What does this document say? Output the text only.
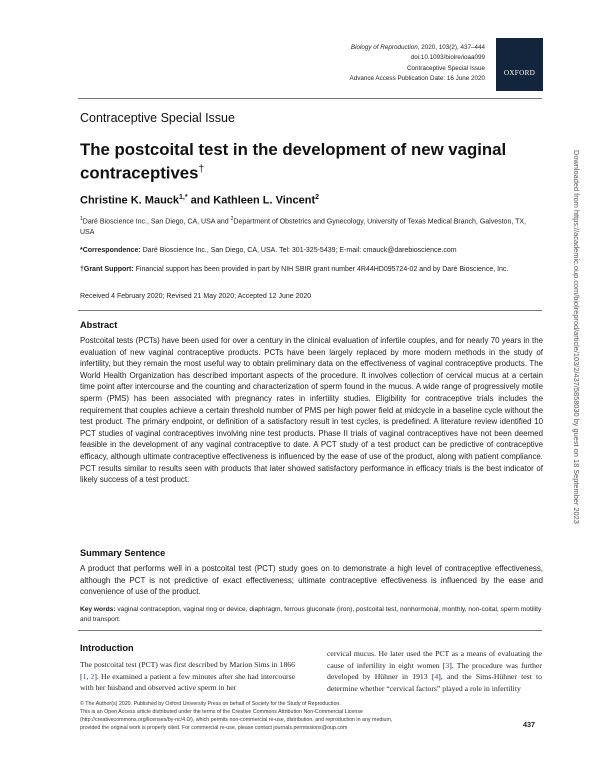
Biology of Reproduction, 2020, 103(2), 437–444
doi:10.1093/biolre/ioaa099
Contraceptive Special Issue
Advance Access Publication Date: 16 June 2020
OXFORD
Contraceptive Special Issue
The postcoital test in the development of new vaginal contraceptives†
Christine K. Mauck$^{1,*}$ and Kathleen L. Vincent$^2$
$^1$Daré Bioscience Inc., San Diego, CA, USA and $^2$Department of Obstetrics and Gynecology, University of Texas Medical Branch, Galveston, TX, USA
*Correspondence: Daré Bioscience Inc., San Diego, CA, USA. Tel: 301-325-5439; E-mail: cmauck@darebioscience.com
†Grant Support: Financial support has been provided in part by NIH SBIR grant number 4R44HD095724-02 and by Daré Bioscience, Inc.
Received 4 February 2020; Revised 21 May 2020; Accepted 12 June 2020
Abstract
Postcoital tests (PCTs) have been used for over a century in the clinical evaluation of infertile couples, and for nearly 70 years in the evaluation of new vaginal contraceptive products. PCTs have been largely replaced by more modern methods in the study of infertility, but they remain the most useful way to obtain preliminary data on the effectiveness of vaginal contraceptive products. The World Health Organization has described important aspects of the procedure. It involves collection of cervical mucus at a certain time point after intercourse and the counting and characterization of sperm found in the mucus. A wide range of progressively motile sperm (PMS) has been associated with pregnancy rates in infertility studies. Eligibility for contraceptive trials includes the requirement that couples achieve a certain threshold number of PMS per high power field at midcycle in a baseline cycle without the test product. The primary endpoint, or definition of a satisfactory result in test cycles, is predefined. A literature review identified 10 PCT studies of vaginal contraceptives involving nine test products. Phase II trials of vaginal contraceptives have not been deemed feasible in the development of any vaginal contraceptive to date. A PCT study of a test product can be predictive of contraceptive efficacy, although ultimate contraceptive effectiveness is influenced by the ease of use of the product, along with patient compliance. PCT results similar to results seen with products that later showed satisfactory performance in efficacy trials is the best indicator of likely success of a test product.
Summary Sentence
A product that performs well in a postcoital test (PCT) study goes on to demonstrate a high level of contraceptive effectiveness, although the PCT is not predictive of exact effectiveness; ultimate contraceptive effectiveness is influenced by the ease and convenience of use of the product.
Key words: vaginal contraception, vaginal ring or device, diaphragm, ferrous gluconate (iron), postcoital test, nonhormonal, monthly, non-coital, sperm motility and transport.
Introduction
The postcoital test (PCT) was first described by Marion Sims in 1866 [1, 2]. He examined a patient a few minutes after she had intercourse with her husband and observed active sperm in her
cervical mucus. He later used the PCT as a means of evaluating the cause of infertility in eight women [3]. The procedure was further developed by Hühner in 1913 [4], and the Sims-Hühner test to determine whether “cervical factors” played a role in infertility
© The Author(s) 2020. Published by Oxford University Press on behalf of Society for the Study of Reproduction.
This is an Open Access article distributed under the terms of the Creative Commons Attribution Non-Commercial License
(http://creativecommons.org/licenses/by-nc/4.0/), which permits non-commercial re-use, distribution, and reproduction in any medium,
provided the original work is properly cited. For commercial re-use, please contact journals.permissions@oup.com	437
Downloaded from https://academic.oup.com/biolreprod/article/103/2/437/5858030 by guest on 18 September 2023
